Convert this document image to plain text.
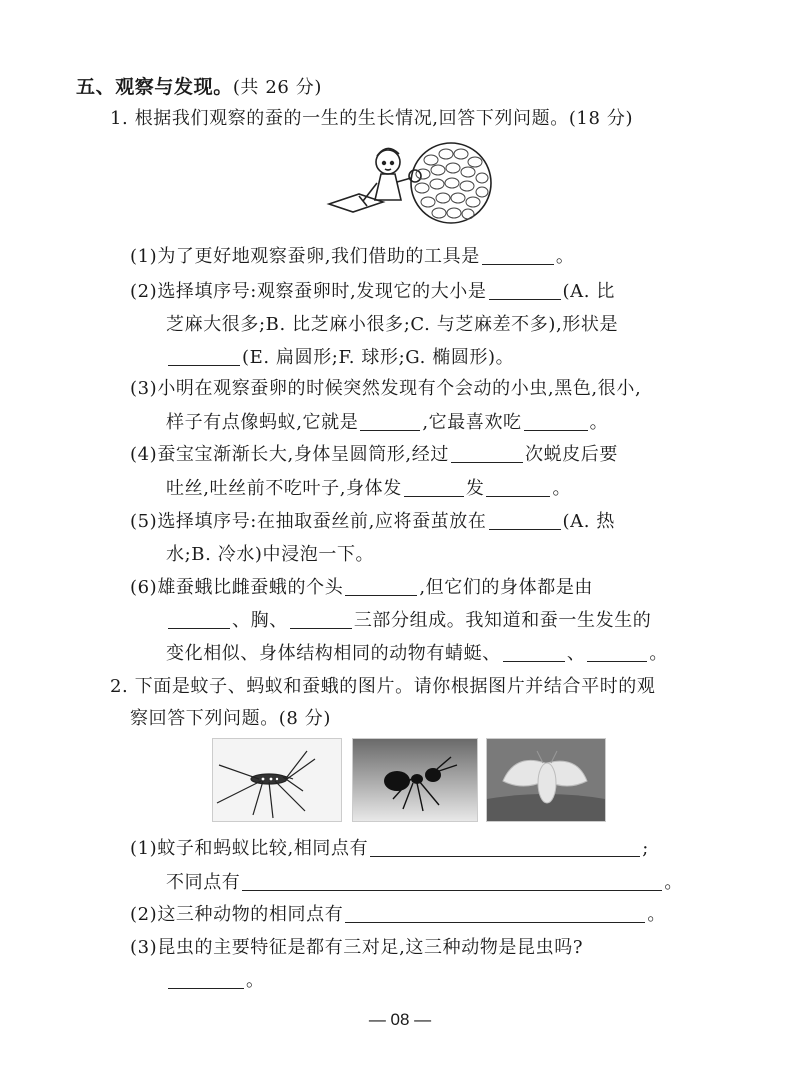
五、观察与发现。(共 26 分)
1. 根据我们观察的蚕的一生的生长情况,回答下列问题。(18 分)
(1)为了更好地观察蚕卵,我们借助的工具是	。
(2)选择填序号:观察蚕卵时,发现它的大小是	(A. 比
芝麻大很多;B. 比芝麻小很多;C. 与芝麻差不多),形状是
(E. 扁圆形;F. 球形;G. 椭圆形)。
(3)小明在观察蚕卵的时候突然发现有个会动的小虫,黑色,很小,
样子有点像蚂蚁,它就是	,它最喜欢吃	。
(4)蚕宝宝渐渐长大,身体呈圆筒形,经过	次蜕皮后要
吐丝,吐丝前不吃叶子,身体发	发	。
(5)选择填序号:在抽取蚕丝前,应将蚕茧放在	(A. 热
水;B. 冷水)中浸泡一下。
(6)雄蚕蛾比雌蚕蛾的个头	,但它们的身体都是由
、胸、	三部分组成。我知道和蚕一生发生的
变化相似、身体结构相同的动物有蜻蜓、	、	。
2. 下面是蚊子、蚂蚁和蚕蛾的图片。请你根据图片并结合平时的观
察回答下列问题。(8 分)
(1)蚊子和蚂蚁比较,相同点有	;
不同点有	。
(2)这三种动物的相同点有	。
(3)昆虫的主要特征是都有三对足,这三种动物是昆虫吗?
。
— 08 —
